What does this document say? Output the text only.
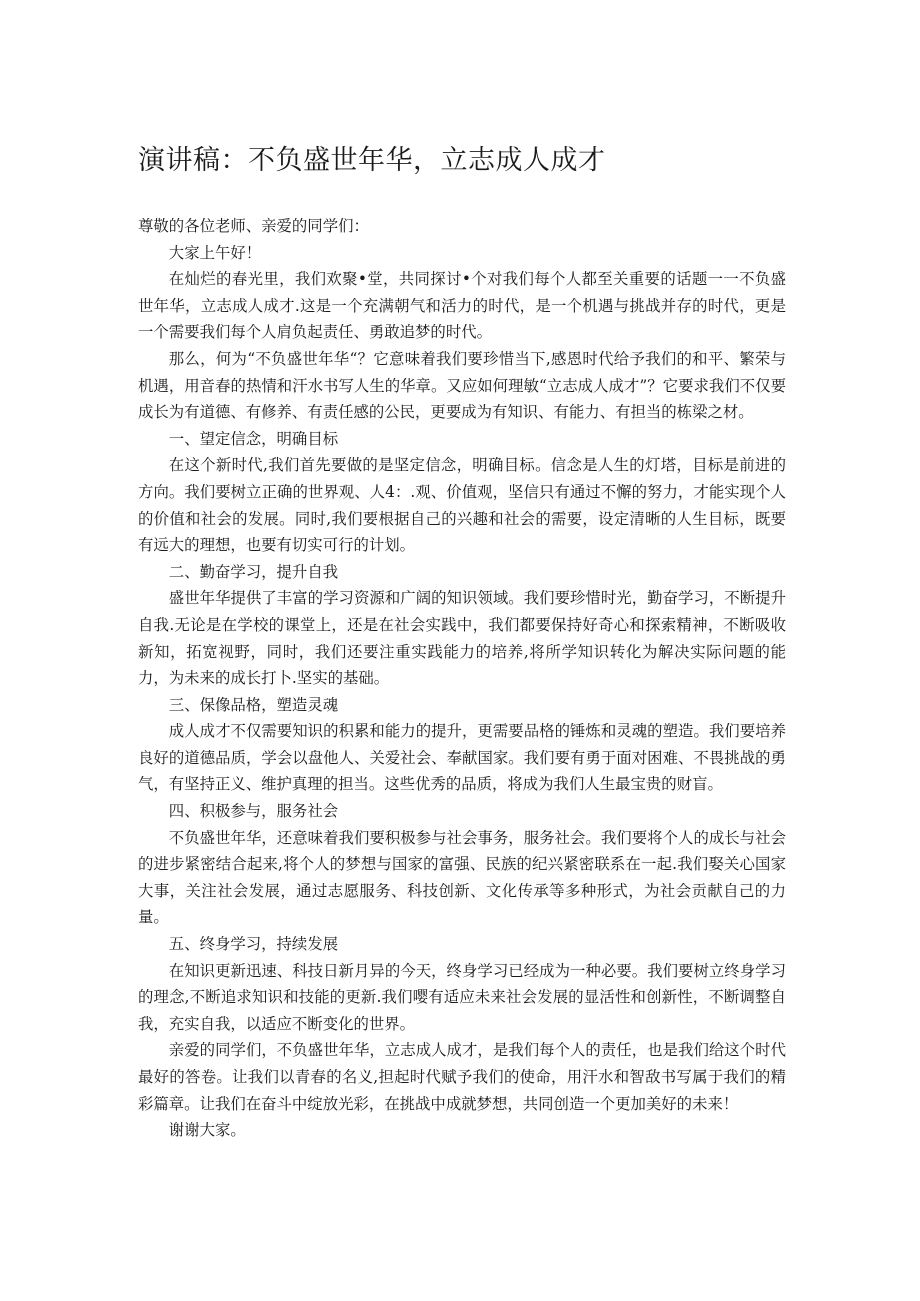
演讲稿：不负盛世年华，立志成人成才

尊敬的各位老师、亲爱的同学们：

大家上午好！

在灿烂的春光里，我们欢聚•堂，共同探讨•个对我们每个人都至关重要的话题一一不负盛世年华，立志成人成才.这是一个充满朝气和活力的时代，是一个机遇与挑战并存的时代，更是一个需要我们每个人肩负起责任、勇敢追梦的时代。

那么，何为“不负盛世年华“？它意味着我们要珍惜当下,感恩时代给予我们的和平、繁荣与机遇，用音春的热情和汗水书写人生的华章。又应如何理敏“立志成人成才”？它要求我们不仅要成长为有道德、有修养、有责任感的公民，更要成为有知识、有能力、有担当的栋梁之材。

一、望定信念，明确目标

在这个新时代,我们首先要做的是坚定信念，明确目标。信念是人生的灯塔，目标是前进的方向。我们要树立正确的世界观、人4：.观、价值观，坚信只有通过不懈的努力，才能实现个人的价值和社会的发展。同时,我们要根据自己的兴趣和社会的需要，设定清晰的人生目标，既要有远大的理想，也要有切实可行的计划。

二、勤奋学习，提升自我

盛世年华提供了丰富的学习资源和广阔的知识领域。我们要珍惜时光，勤奋学习，不断提升自我.无论是在学校的课堂上，还是在社会实践中，我们都要保持好奇心和探索精神，不断吸收新知，拓宽视野，同时，我们还要注重实践能力的培养,将所学知识转化为解决实际问题的能力，为未来的成长打卜.坚实的基础。

三、保像品格，塑造灵魂

成人成才不仅需要知识的积累和能力的提升，更需要品格的锤炼和灵魂的塑造。我们要培养良好的道德品质，学会以盘他人、关爱社会、奉献国家。我们要有勇于面对困难、不畏挑战的勇气，有坚持正义、维护真理的担当。这些优秀的品质，将成为我们人生最宝贵的财盲。

四、积极参与，服务社会

不负盛世年华，还意味着我们要积极参与社会事务，服务社会。我们要将个人的成长与社会的进步紧密结合起来,将个人的梦想与国家的富强、民族的纪兴紧密联系在一起.我们娶关心国家大事，关注社会发展，通过志愿服务、科技创新、文化传承等多种形式，为社会贡献自己的力量。

五、终身学习，持续发展

在知识更新迅速、科技日新月异的今天，终身学习已经成为一种必要。我们要树立终身学习的理念,不断追求知识和技能的更新.我们嘤有适应未来社会发展的显活性和创新性，不断调整自我，充实自我，以适应不断变化的世界。

亲爱的同学们，不负盛世年华，立志成人成才，是我们每个人的责任，也是我们给这个时代最好的答卷。让我们以青春的名义,担起时代赋予我们的使命，用汗水和智敌书写属于我们的精彩篇章。让我们在奋斗中绽放光彩，在挑战中成就梦想，共同创造一个更加美好的未来！

谢谢大家。
